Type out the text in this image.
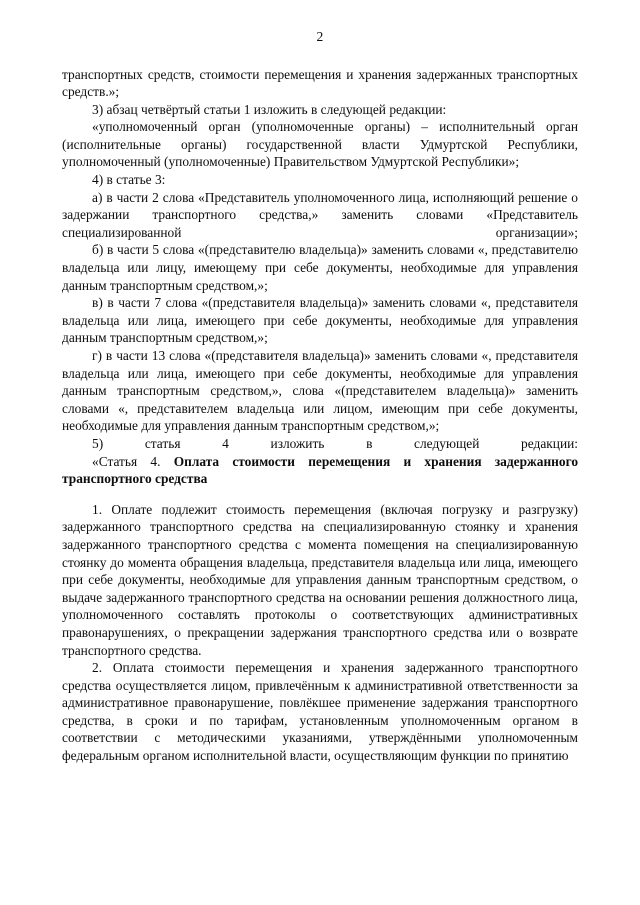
2

транспортных средств, стоимости перемещения и хранения задержанных транспортных средств.»;

3) абзац четвёртый статьи 1 изложить в следующей редакции:

«уполномоченный орган (уполномоченные органы) – исполнительный орган (исполнительные органы) государственной власти Удмуртской Республики, уполномоченный (уполномоченные) Правительством Удмуртской Республики»;

4) в статье 3:

а) в части 2 слова «Представитель уполномоченного лица, исполняющий решение о задержании транспортного средства,» заменить словами «Представитель специализированной организации»;

б) в части 5 слова «(представителю владельца)» заменить словами «, представителю владельца или лицу, имеющему при себе документы, необходимые для управления данным транспортным средством,»;

в) в части 7 слова «(представителя владельца)» заменить словами «, представителя владельца или лица, имеющего при себе документы, необходимые для управления данным транспортным средством,»;

г) в части 13 слова «(представителя владельца)» заменить словами «, представителя владельца или лица, имеющего при себе документы, необходимые для управления данным транспортным средством,», слова «(представителем владельца)» заменить словами «, представителем владельца или лицом, имеющим при себе документы, необходимые для управления данным транспортным средством,»;

5) статья 4 изложить в следующей редакции:

«Статья 4. Оплата стоимости перемещения и хранения задержанного транспортного средства

1. Оплате подлежит стоимость перемещения (включая погрузку и разгрузку) задержанного транспортного средства на специализированную стоянку и хранения задержанного транспортного средства с момента помещения на специализированную стоянку до момента обращения владельца, представителя владельца или лица, имеющего при себе документы, необходимые для управления данным транспортным средством, о выдаче задержанного транспортного средства на основании решения должностного лица, уполномоченного составлять протоколы о соответствующих административных правонарушениях, о прекращении задержания транспортного средства или о возврате транспортного средства.

2. Оплата стоимости перемещения и хранения задержанного транспортного средства осуществляется лицом, привлечённым к административной ответственности за административное правонарушение, повлёкшее применение задержания транспортного средства, в сроки и по тарифам, установленным уполномоченным органом в соответствии с методическими указаниями, утверждёнными уполномоченным федеральным органом исполнительной власти, осуществляющим функции по принятию
